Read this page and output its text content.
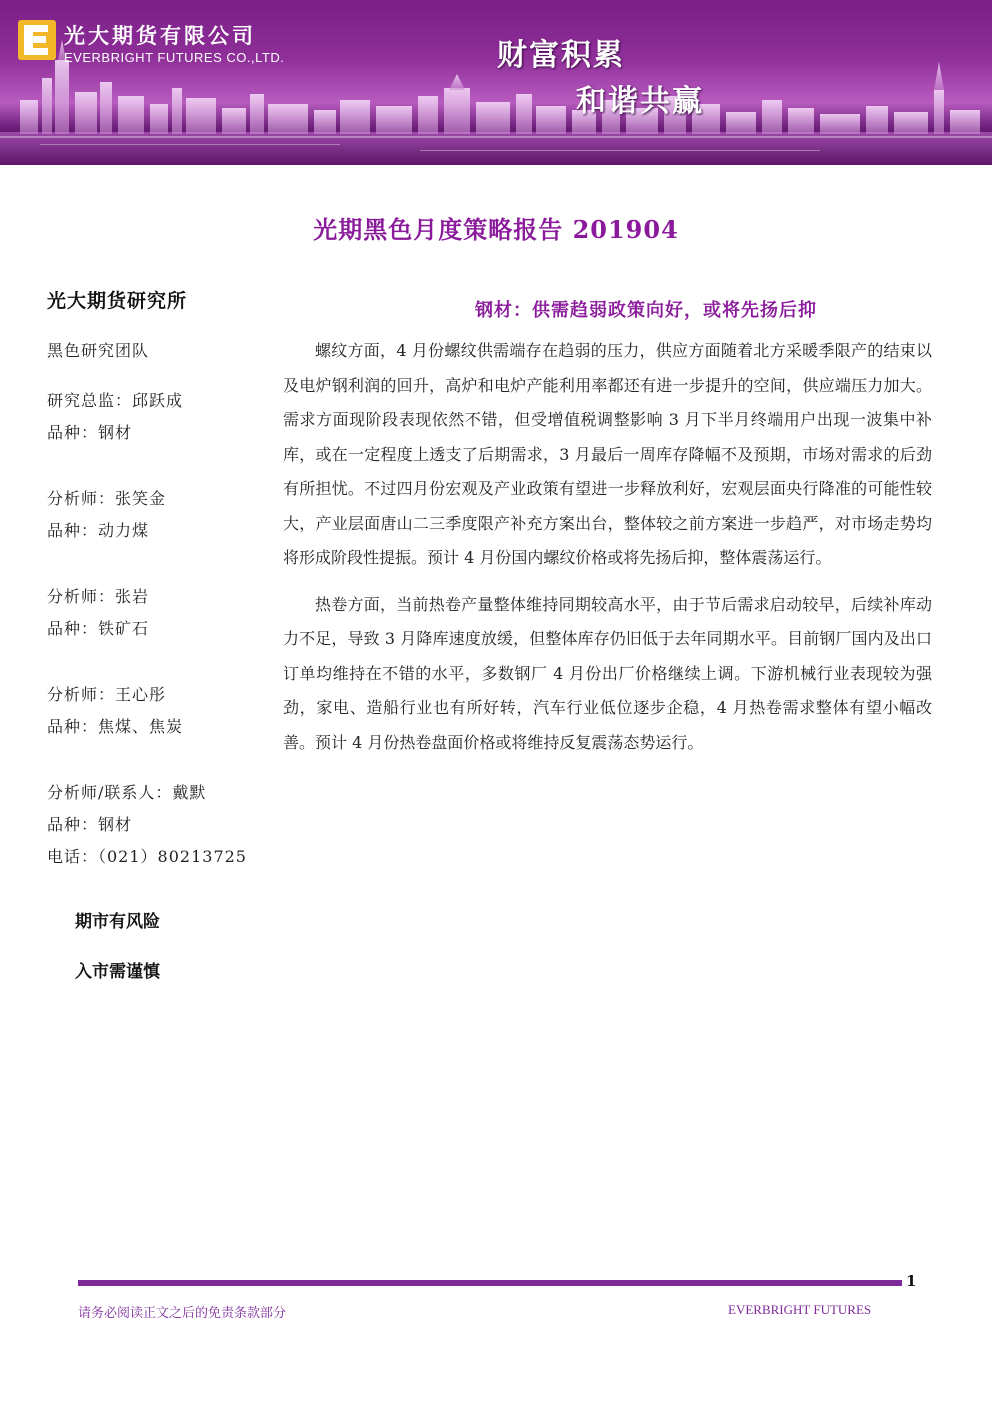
光大期货有限公司
EVERBRIGHT FUTURES CO.,LTD.	财富积累
和谐共赢
光期黑色月度策略报告 201904
光大期货研究所
黑色研究团队
研究总监：邱跃成
品种：钢材
分析师：张笑金
品种：动力煤
分析师：张岩
品种：铁矿石
分析师：王心彤
品种：焦煤、焦炭
分析师/联系人：戴默
品种：钢材
电话：（021）80213725
期市有风险
入市需谨慎
钢材：供需趋弱政策向好，或将先扬后抑

螺纹方面，4 月份螺纹供需端存在趋弱的压力，供应方面随着北方采暖季限产的结束以及电炉钢利润的回升，高炉和电炉产能利用率都还有进一步提升的空间，供应端压力加大。需求方面现阶段表现依然不错，但受增值税调整影响 3 月下半月终端用户出现一波集中补库，或在一定程度上透支了后期需求，3 月最后一周库存降幅不及预期，市场对需求的后劲有所担忧。不过四月份宏观及产业政策有望进一步释放利好，宏观层面央行降准的可能性较大，产业层面唐山二三季度限产补充方案出台，整体较之前方案进一步趋严，对市场走势均将形成阶段性提振。预计 4 月份国内螺纹价格或将先扬后抑，整体震荡运行。

热卷方面，当前热卷产量整体维持同期较高水平，由于节后需求启动较早，后续补库动力不足，导致 3 月降库速度放缓，但整体库存仍旧低于去年同期水平。目前钢厂国内及出口订单均维持在不错的水平，多数钢厂 4 月份出厂价格继续上调。下游机械行业表现较为强劲，家电、造船行业也有所好转，汽车行业低位逐步企稳，4 月热卷需求整体有望小幅改善。预计 4 月份热卷盘面价格或将维持反复震荡态势运行。

1
请务必阅读正文之后的免责条款部分	EVERBRIGHT FUTURES
